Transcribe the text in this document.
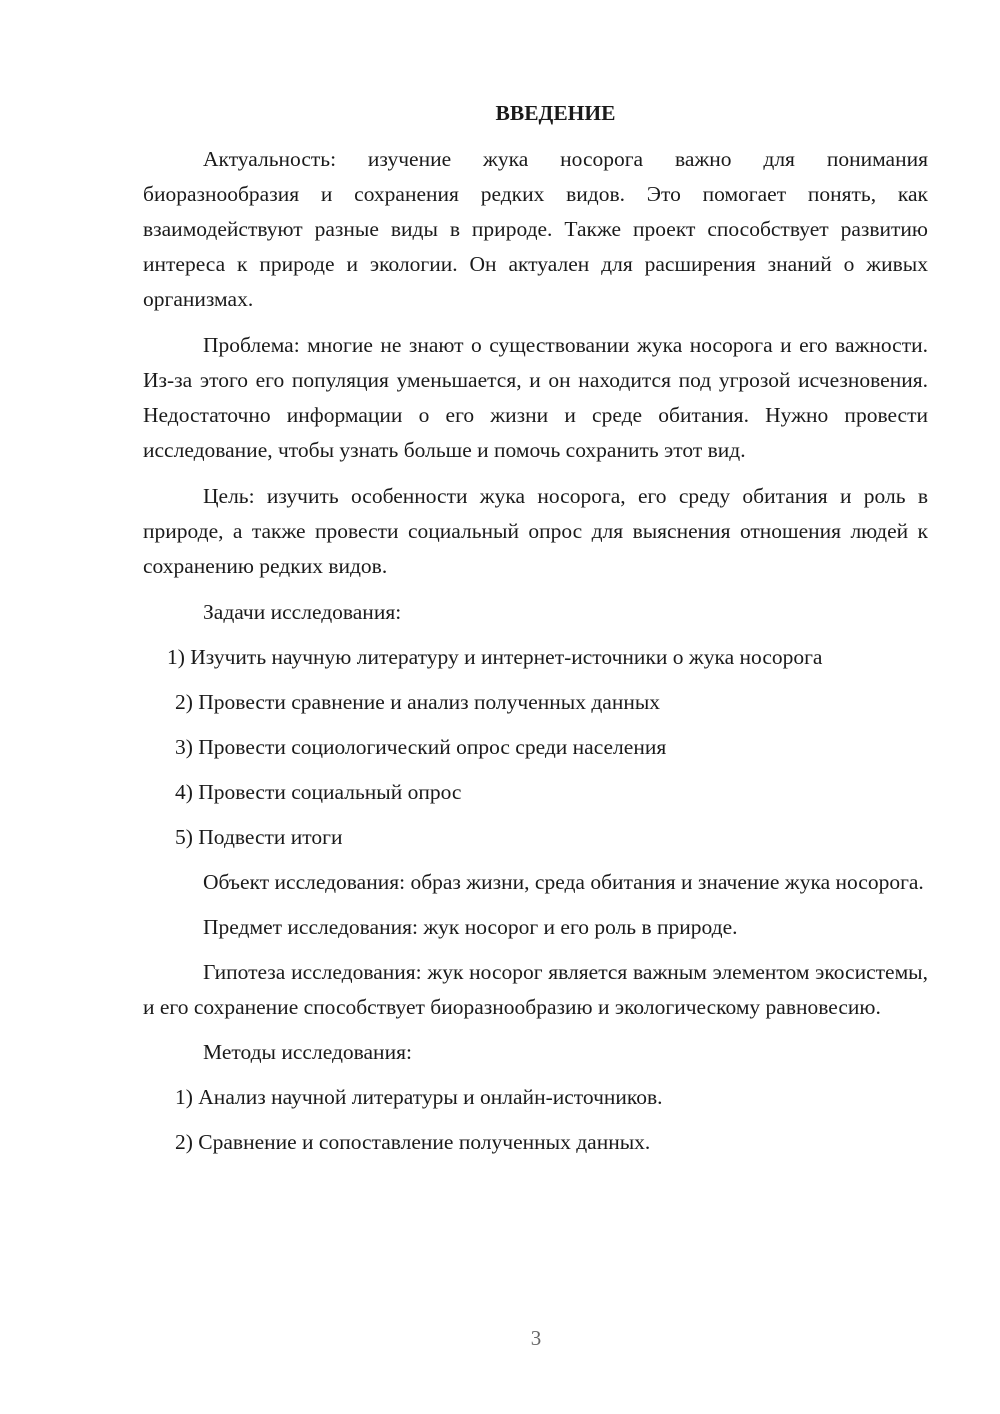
ВВЕДЕНИЕ

Актуальность: изучение жука носорога важно для понимания биоразнообразия и сохранения редких видов. Это помогает понять, как взаимодействуют разные виды в природе. Также проект способствует развитию интереса к природе и экологии. Он актуален для расширения знаний о живых организмах.

Проблема: многие не знают о существовании жука носорога и его важности. Из-за этого его популяция уменьшается, и он находится под угрозой исчезновения. Недостаточно информации о его жизни и среде обитания. Нужно провести исследование, чтобы узнать больше и помочь сохранить этот вид.

Цель: изучить особенности жука носорога, его среду обитания и роль в природе, а также провести социальный опрос для выяснения отношения людей к сохранению редких видов.

Задачи исследования:
1) Изучить научную литературу и интернет-источники о жука носорога
2) Провести сравнение и анализ полученных данных
3) Провести социологический опрос среди населения
4) Провести социальный опрос
5) Подвести итоги

Объект исследования: образ жизни, среда обитания и значение жука носорога.

Предмет исследования: жук носорог и его роль в природе.

Гипотеза исследования: жук носорог является важным элементом экосистемы, и его сохранение способствует биоразнообразию и экологическому равновесию.

Методы исследования:
1) Анализ научной литературы и онлайн-источников.
2) Сравнение и сопоставление полученных данных.
3
